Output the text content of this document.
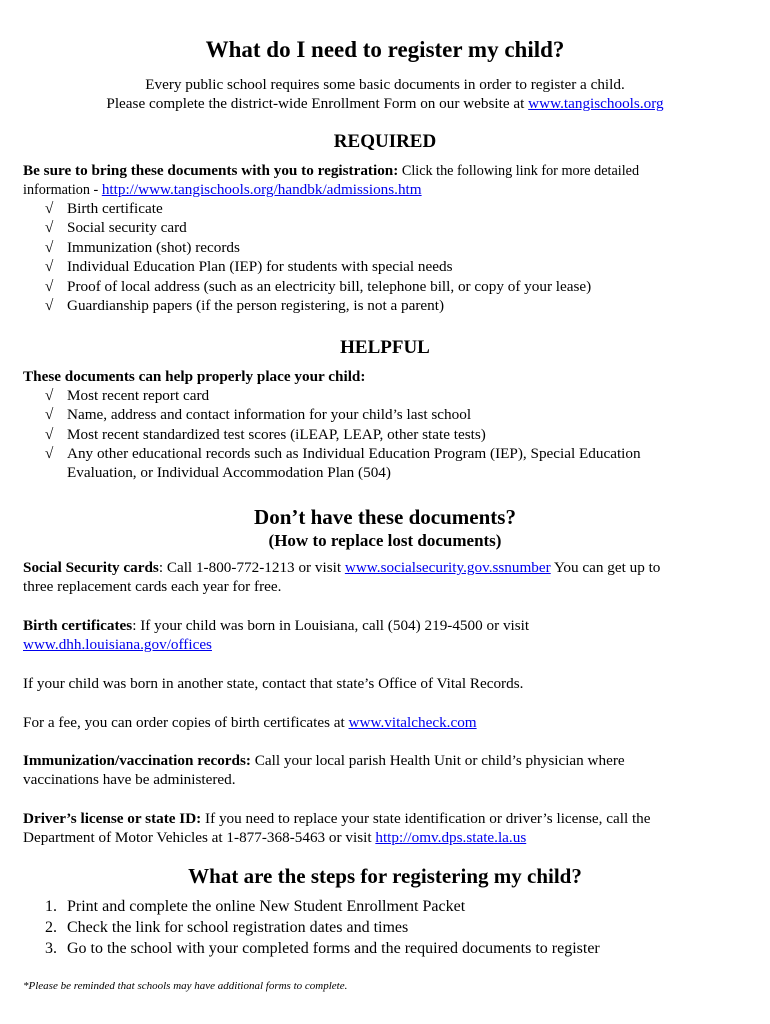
What do I need to register my child?
Every public school requires some basic documents in order to register a child.
Please complete the district-wide Enrollment Form on our website at www.tangischools.org
REQUIRED
Be sure to bring these documents with you to registration: Click the following link for more detailed
information - http://www.tangischools.org/handbk/admissions.htm
√ Birth certificate
√ Social security card
√ Immunization (shot) records
√ Individual Education Plan (IEP) for students with special needs
√ Proof of local address (such as an electricity bill, telephone bill, or copy of your lease)
√ Guardianship papers (if the person registering, is not a parent)
HELPFUL
These documents can help properly place your child:
√ Most recent report card
√ Name, address and contact information for your child’s last school
√ Most recent standardized test scores (iLEAP, LEAP, other state tests)
√ Any other educational records such as Individual Education Program (IEP), Special Education
Evaluation, or Individual Accommodation Plan (504)
Don’t have these documents?
(How to replace lost documents)
Social Security cards: Call 1-800-772-1213 or visit www.socialsecurity.gov.ssnumber You can get up to
three replacement cards each year for free.
Birth certificates: If your child was born in Louisiana, call (504) 219-4500 or visit
www.dhh.louisiana.gov/offices
If your child was born in another state, contact that state’s Office of Vital Records.
For a fee, you can order copies of birth certificates at www.vitalcheck.com
Immunization/vaccination records: Call your local parish Health Unit or child’s physician where
vaccinations have be administered.
Driver’s license or state ID: If you need to replace your state identification or driver’s license, call the
Department of Motor Vehicles at 1-877-368-5463 or visit http://omv.dps.state.la.us
What are the steps for registering my child?
1. Print and complete the online New Student Enrollment Packet
2. Check the link for school registration dates and times
3. Go to the school with your completed forms and the required documents to register
*Please be reminded that schools may have additional forms to complete.
